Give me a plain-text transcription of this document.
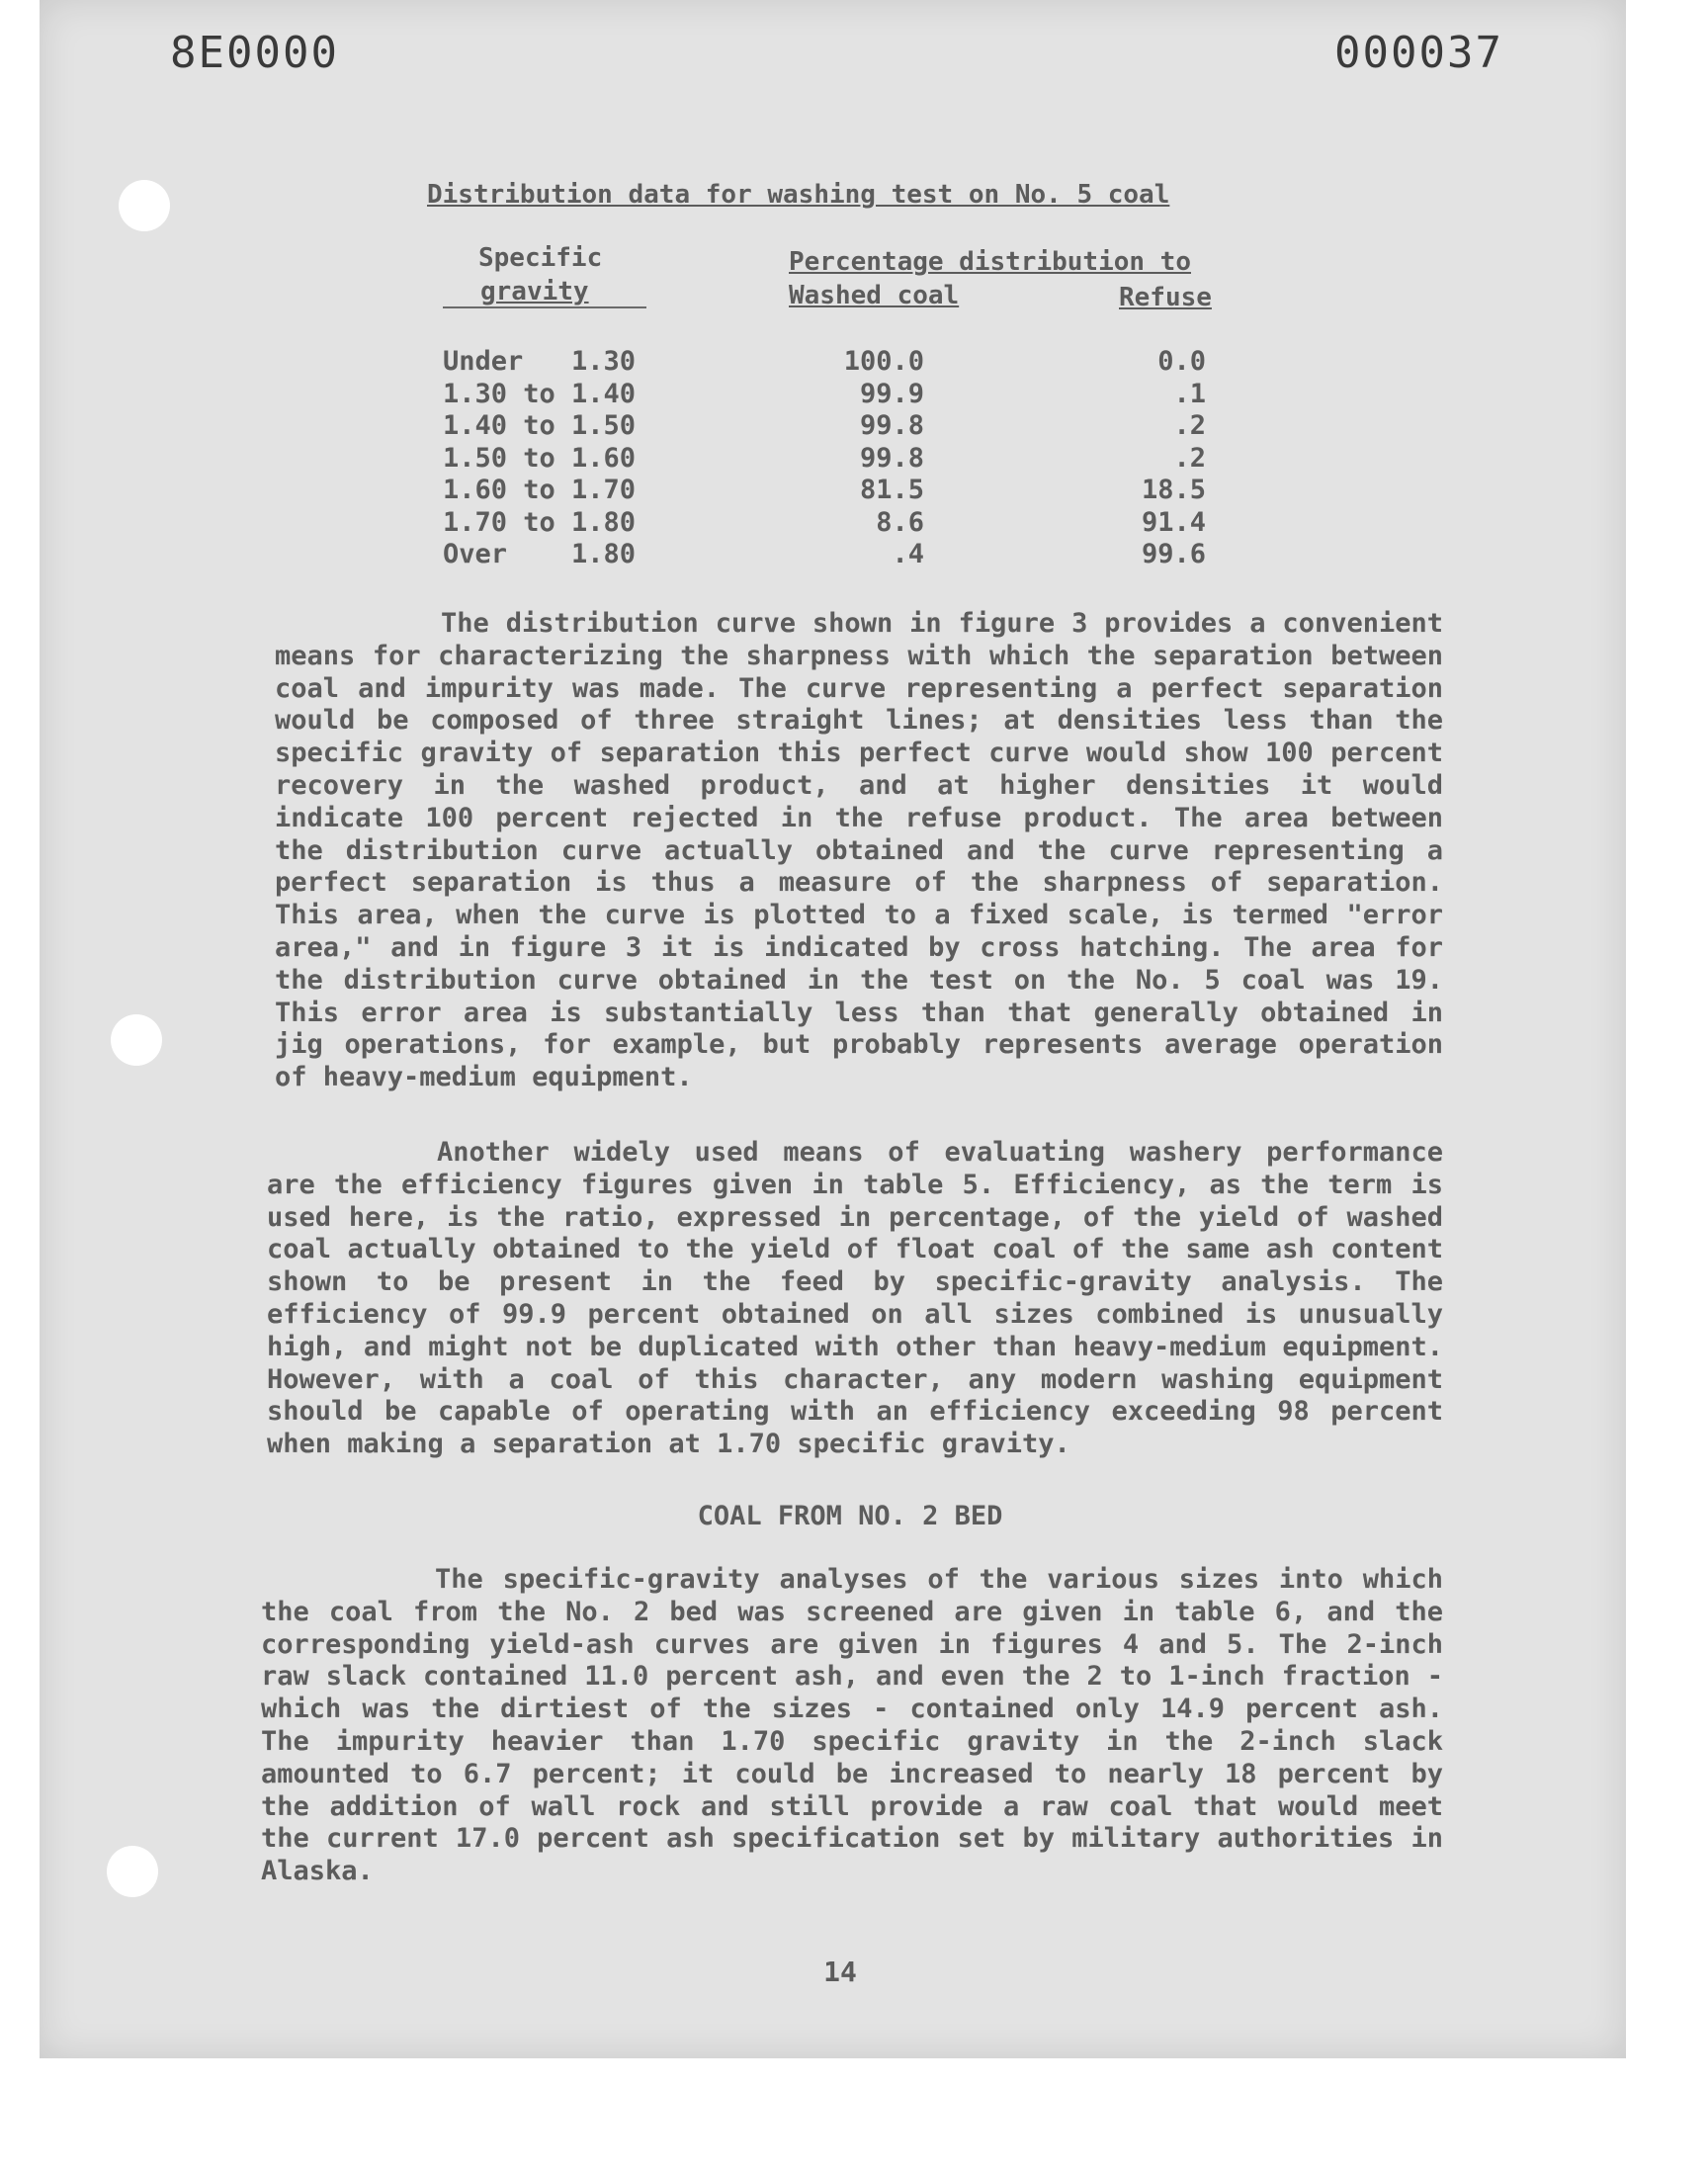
8E0000	000037
Distribution data for washing test on No. 5 coal
Specific
gravity
Percentage distribution to
Washed coal	Refuse
Under   1.30
1.30 to 1.40
1.40 to 1.50
1.50 to 1.60
1.60 to 1.70
1.70 to 1.80
Over    1.80
100.0
99.9
99.8
99.8
81.5
8.6
.4
0.0
.1
.2
.2
18.5
91.4
99.6
The distribution curve shown in figure 3 provides a convenient means for characterizing the sharpness with which the separation between coal and impurity was made. The curve representing a perfect separation would be composed of three straight lines; at densities less than the specific gravity of separation this perfect curve would show 100 percent recovery in the washed product, and at higher densities it would indicate 100 percent rejected in the refuse product. The area between the distribution curve actually obtained and the curve representing a perfect separation is thus a measure of the sharpness of separation. This area, when the curve is plotted to a fixed scale, is termed "error area," and in figure 3 it is indicated by cross hatching. The area for the distribution curve obtained in the test on the No. 5 coal was 19. This error area is substantially less than that generally obtained in jig operations, for example, but probably represents average operation of heavy-medium equipment.
Another widely used means of evaluating washery performance are the efficiency figures given in table 5. Efficiency, as the term is used here, is the ratio, expressed in percentage, of the yield of washed coal actually obtained to the yield of float coal of the same ash content shown to be present in the feed by specific-gravity analysis. The efficiency of 99.9 percent obtained on all sizes combined is unusually high, and might not be duplicated with other than heavy-medium equipment. However, with a coal of this character, any modern washing equipment should be capable of operating with an efficiency exceeding 98 percent when making a separation at 1.70 specific gravity.
COAL FROM NO. 2 BED
The specific-gravity analyses of the various sizes into which the coal from the No. 2 bed was screened are given in table 6, and the corresponding yield-ash curves are given in figures 4 and 5. The 2-inch raw slack contained 11.0 percent ash, and even the 2 to 1-inch fraction - which was the dirtiest of the sizes - contained only 14.9 percent ash. The impurity heavier than 1.70 specific gravity in the 2-inch slack amounted to 6.7 percent; it could be increased to nearly 18 percent by the addition of wall rock and still provide a raw coal that would meet the current 17.0 percent ash specification set by military authorities in Alaska.
14
